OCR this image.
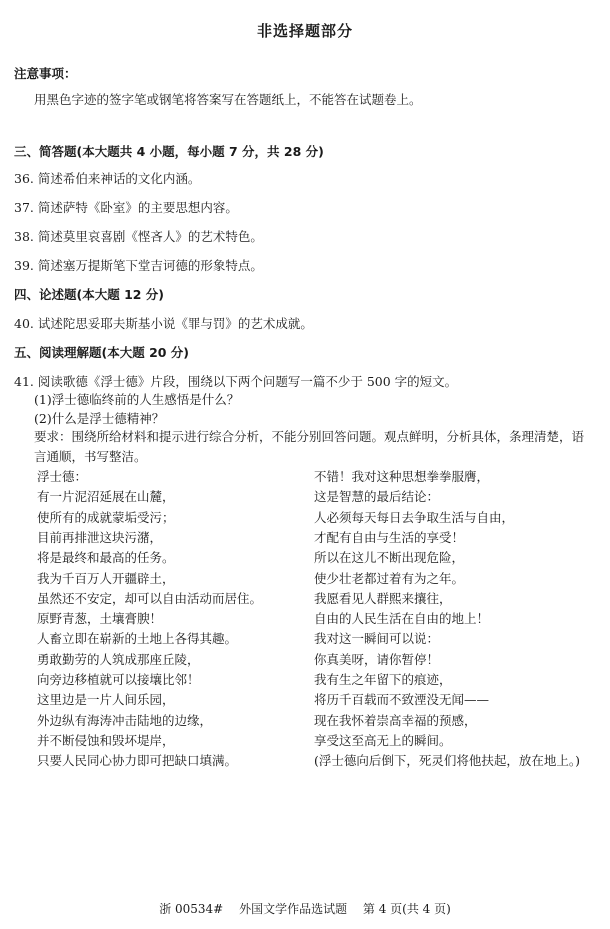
非选择题部分
注意事项：
用黑色字迹的签字笔或钢笔将答案写在答题纸上，不能答在试题卷上。
三、简答题(本大题共 4 小题，每小题 7 分，共 28 分)
36. 简述希伯来神话的文化内涵。
37. 简述萨特《卧室》的主要思想内容。
38. 简述莫里哀喜剧《悭吝人》的艺术特色。
39. 简述塞万提斯笔下堂吉诃德的形象特点。
四、论述题(本大题 12 分)
40. 试述陀思妥耶夫斯基小说《罪与罚》的艺术成就。
五、阅读理解题(本大题 20 分)
41. 阅读歌德《浮士德》片段，围绕以下两个问题写一篇不少于 500 字的短文。
(1)浮士德临终前的人生感悟是什么？
(2)什么是浮士德精神？
要求：围绕所给材料和提示进行综合分析，不能分别回答问题。观点鲜明，分析具体，条理清楚，语言通顺，书写整洁。
浮士德：
有一片泥沼延展在山麓，
使所有的成就蒙垢受污；
目前再排泄这块污潴，
将是最终和最高的任务。
我为千百万人开疆辟土，
虽然还不安定，却可以自由活动而居住。
原野青葱，土壤膏腴！
人畜立即在崭新的土地上各得其趣。
勇敢勤劳的人筑成那座丘陵，
向旁边移植就可以接壤比邻！
这里边是一片人间乐园，
外边纵有海涛冲击陆地的边缘，
并不断侵蚀和毁坏堤岸，
只要人民同心协力即可把缺口填满。
不错！我对这种思想拳拳服膺，
这是智慧的最后结论：
人必须每天每日去争取生活与自由，
才配有自由与生活的享受！
所以在这儿不断出现危险，
使少壮老都过着有为之年。
我愿看见人群熙来攘往，
自由的人民生活在自由的地上！
我对这一瞬间可以说：
你真美呀，请你暂停！
我有生之年留下的痕迹，
将历千百载而不致湮没无闻——
现在我怀着崇高幸福的预感，
享受这至高无上的瞬间。
(浮士德向后倒下，死灵们将他扶起，放在地上。)
浙 00534# 外国文学作品选试题 第 4 页(共 4 页)
